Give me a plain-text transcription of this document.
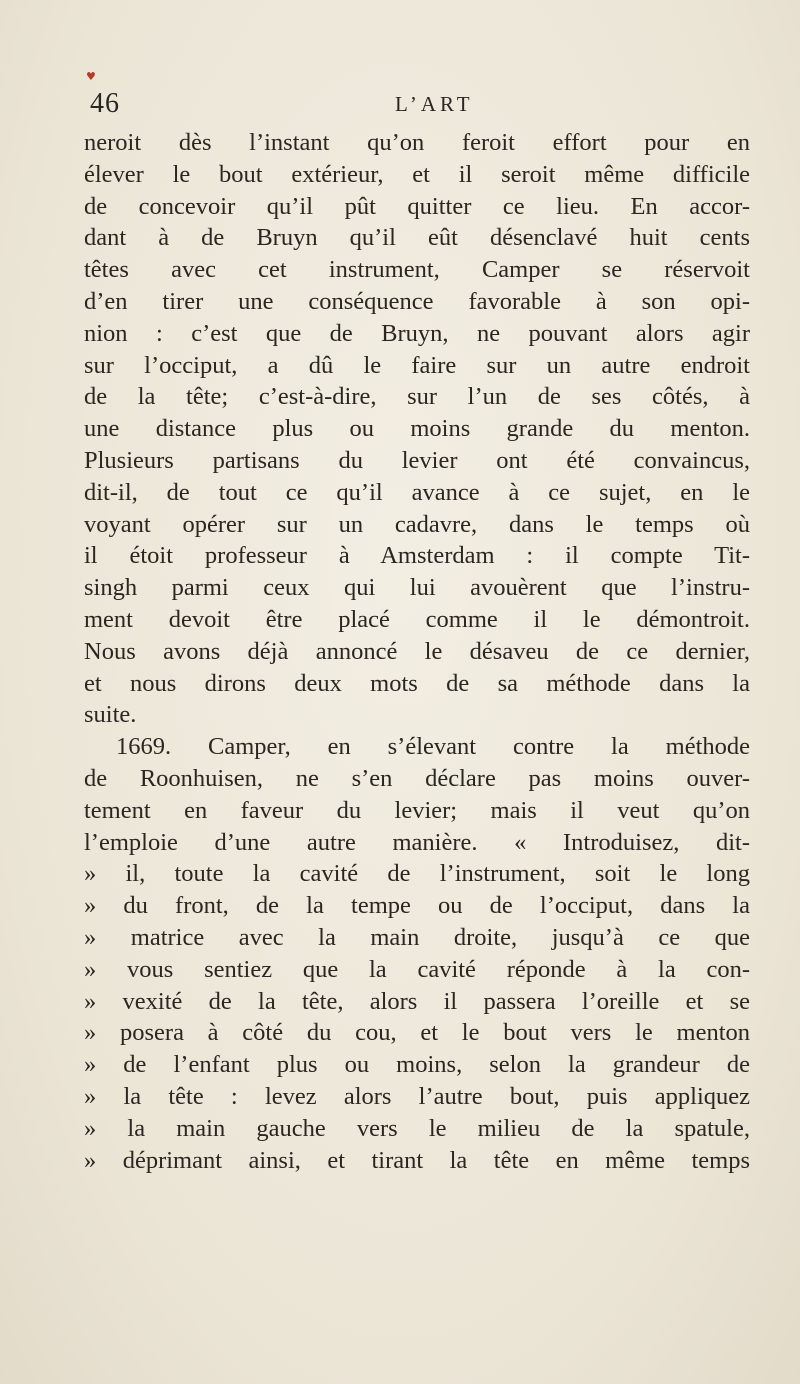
♥
46	L’ART
neroit dès l’instant qu’on feroit effort pour en
élever le bout extérieur, et il seroit même difficile
de concevoir qu’il pût quitter ce lieu. En accor-
dant à de Bruyn qu’il eût désenclavé huit cents
têtes avec cet instrument, Camper se réservoit
d’en tirer une conséquence favorable à son opi-
nion : c’est que de Bruyn, ne pouvant alors agir
sur l’occiput, a dû le faire sur un autre endroit
de la tête; c’est-à-dire, sur l’un de ses côtés, à
une distance plus ou moins grande du menton.
Plusieurs partisans du levier ont été convaincus,
dit-il, de tout ce qu’il avance à ce sujet, en le
voyant opérer sur un cadavre, dans le temps où
il étoit professeur à Amsterdam : il compte Tit-
singh parmi ceux qui lui avouèrent que l’instru-
ment devoit être placé comme il le démontroit.
Nous avons déjà annoncé le désaveu de ce dernier,
et nous dirons deux mots de sa méthode dans la
suite.
1669. Camper, en s’élevant contre la méthode
de Roonhuisen, ne s’en déclare pas moins ouver-
tement en faveur du levier; mais il veut qu’on
l’emploie d’une autre manière. « Introduisez, dit-
» il, toute la cavité de l’instrument, soit le long
» du front, de la tempe ou de l’occiput, dans la
» matrice avec la main droite, jusqu’à ce que
» vous sentiez que la cavité réponde à la con-
» vexité de la tête, alors il passera l’oreille et se
» posera à côté du cou, et le bout vers le menton
» de l’enfant plus ou moins, selon la grandeur de
» la tête : levez alors l’autre bout, puis appliquez
» la main gauche vers le milieu de la spatule,
» déprimant ainsi, et tirant la tête en même temps
